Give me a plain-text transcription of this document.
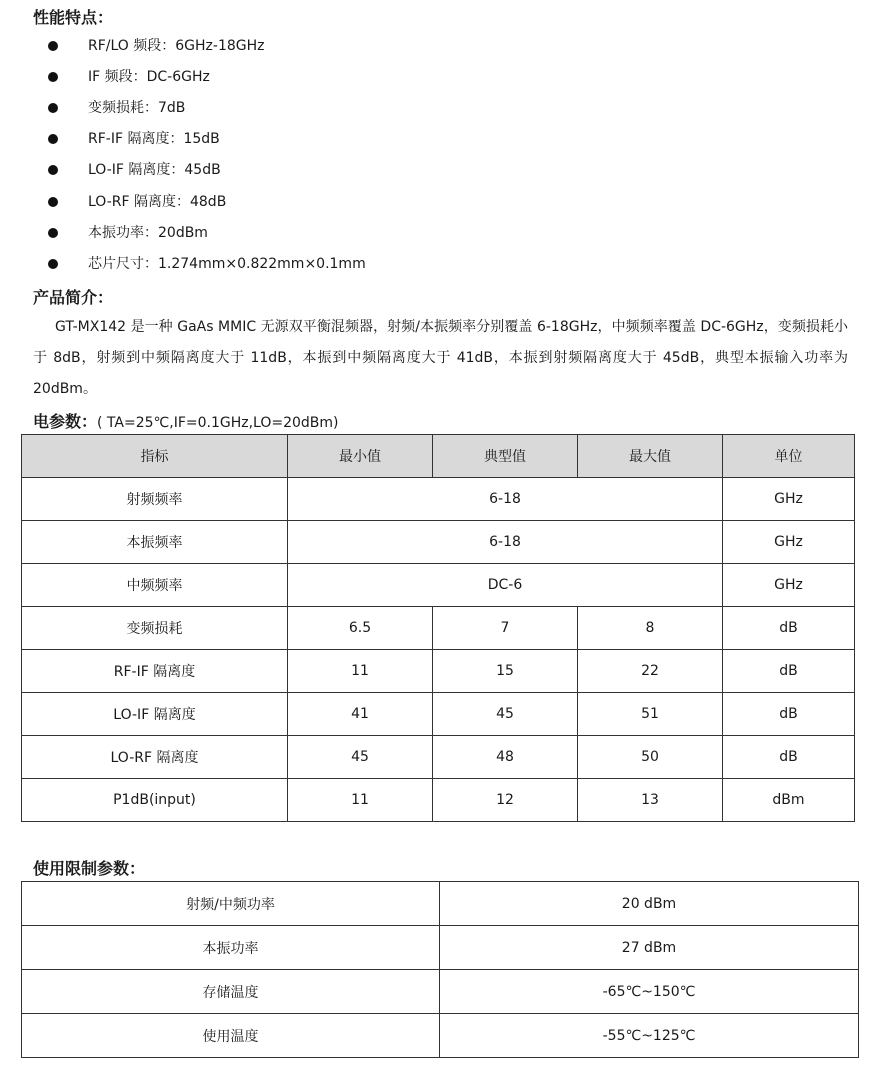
性能特点：
RF/LO 频段：6GHz-18GHz
IF 频段：DC-6GHz
变频损耗：7dB
RF-IF 隔离度：15dB
LO-IF 隔离度：45dB
LO-RF 隔离度：48dB
本振功率：20dBm
芯片尺寸：1.274mm×0.822mm×0.1mm
产品简介：

GT-MX142 是一种 GaAs MMIC 无源双平衡混频器，射频/本振频率分别覆盖 6-18GHz，中频频率覆盖 DC-6GHz，变频损耗小于 8dB，射频到中频隔离度大于 11dB，本振到中频隔离度大于 41dB，本振到射频隔离度大于 45dB，典型本振输入功率为 20dBm。

电参数：( TA=25℃,IF=0.1GHz,LO=20dBm)
指标	最小值	典型值	最大值	单位
射频频率	6-18			GHz
本振频率	6-18			GHz
中频频率	DC-6			GHz
变频损耗	6.5	7	8	dB
RF-IF 隔离度	11	15	22	dB
LO-IF 隔离度	41	45	51	dB
LO-RF 隔离度	45	48	50	dB
P1dB(input)	11	12	13	dBm
使用限制参数：
射频/中频功率	20 dBm
本振功率	27 dBm
存储温度	-65℃~150℃
使用温度	-55℃~125℃
